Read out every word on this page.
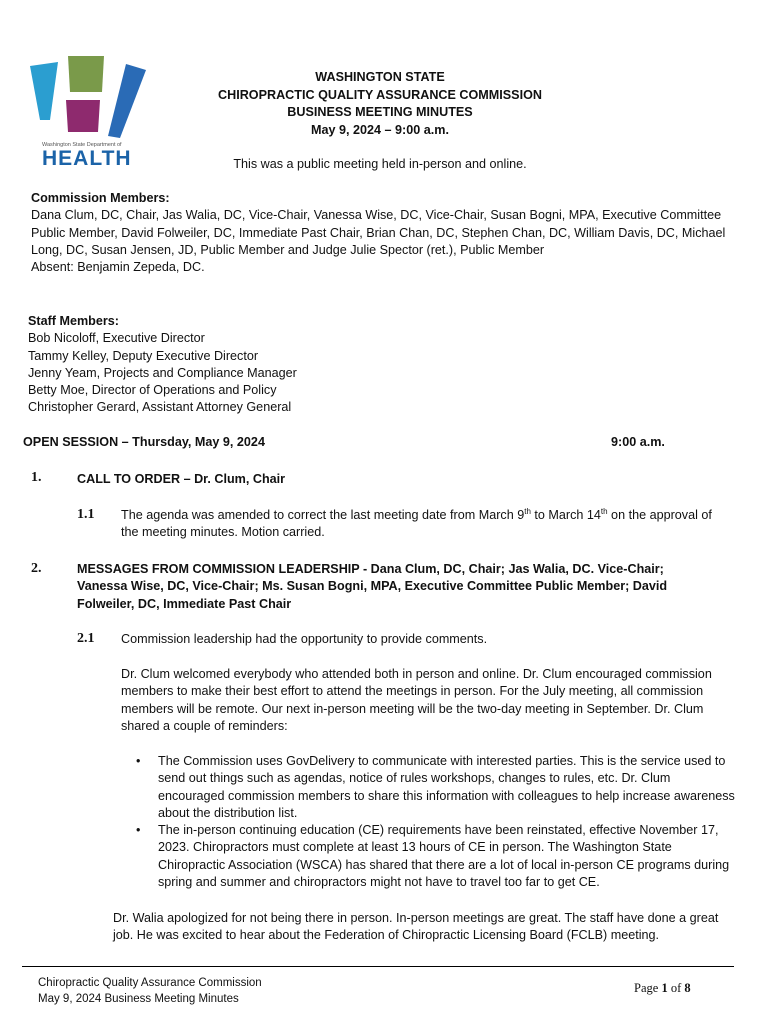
Washington State Department of
HEALTH
WASHINGTON STATE
CHIROPRACTIC QUALITY ASSURANCE COMMISSION
BUSINESS MEETING MINUTES
May 9, 2024 – 9:00 a.m.
This was a public meeting held in-person and online.
Commission Members:
Dana Clum, DC, Chair, Jas Walia, DC, Vice-Chair, Vanessa Wise, DC, Vice-Chair, Susan Bogni, MPA, Executive Committee Public Member, David Folweiler, DC, Immediate Past Chair, Brian Chan, DC, Stephen Chan, DC, William Davis, DC, Michael Long, DC, Susan Jensen, JD, Public Member and Judge Julie Spector (ret.), Public Member
Absent: Benjamin Zepeda, DC.
Staff Members:
Bob Nicoloff, Executive Director
Tammy Kelley, Deputy Executive Director
Jenny Yeam, Projects and Compliance Manager
Betty Moe, Director of Operations and Policy
Christopher Gerard, Assistant Attorney General
OPEN SESSION – Thursday, May 9, 2024	9:00 a.m.
1.	CALL TO ORDER – Dr. Clum, Chair
1.1 The agenda was amended to correct the last meeting date from March 9th to March 14th on the approval of the meeting minutes. Motion carried.
2.	MESSAGES FROM COMMISSION LEADERSHIP - Dana Clum, DC, Chair; Jas Walia, DC. Vice-Chair; Vanessa Wise, DC, Vice-Chair; Ms. Susan Bogni, MPA, Executive Committee Public Member; David Folweiler, DC, Immediate Past Chair
2.1 Commission leadership had the opportunity to provide comments.
Dr. Clum welcomed everybody who attended both in person and online. Dr. Clum encouraged commission members to make their best effort to attend the meetings in person. For the July meeting, all commission members will be remote. Our next in-person meeting will be the two-day meeting in September. Dr. Clum shared a couple of reminders:
• The Commission uses GovDelivery to communicate with interested parties. This is the service used to send out things such as agendas, notice of rules workshops, changes to rules, etc. Dr. Clum encouraged commission members to share this information with colleagues to help increase awareness about the distribution list.
• The in-person continuing education (CE) requirements have been reinstated, effective November 17, 2023. Chiropractors must complete at least 13 hours of CE in person. The Washington State Chiropractic Association (WSCA) has shared that there are a lot of local in-person CE programs during spring and summer and chiropractors might not have to travel too far to get CE.
Dr. Walia apologized for not being there in person. In-person meetings are great. The staff have done a great job. He was excited to hear about the Federation of Chiropractic Licensing Board (FCLB) meeting.
Chiropractic Quality Assurance Commission
May 9, 2024 Business Meeting Minutes
Page 1 of 8
